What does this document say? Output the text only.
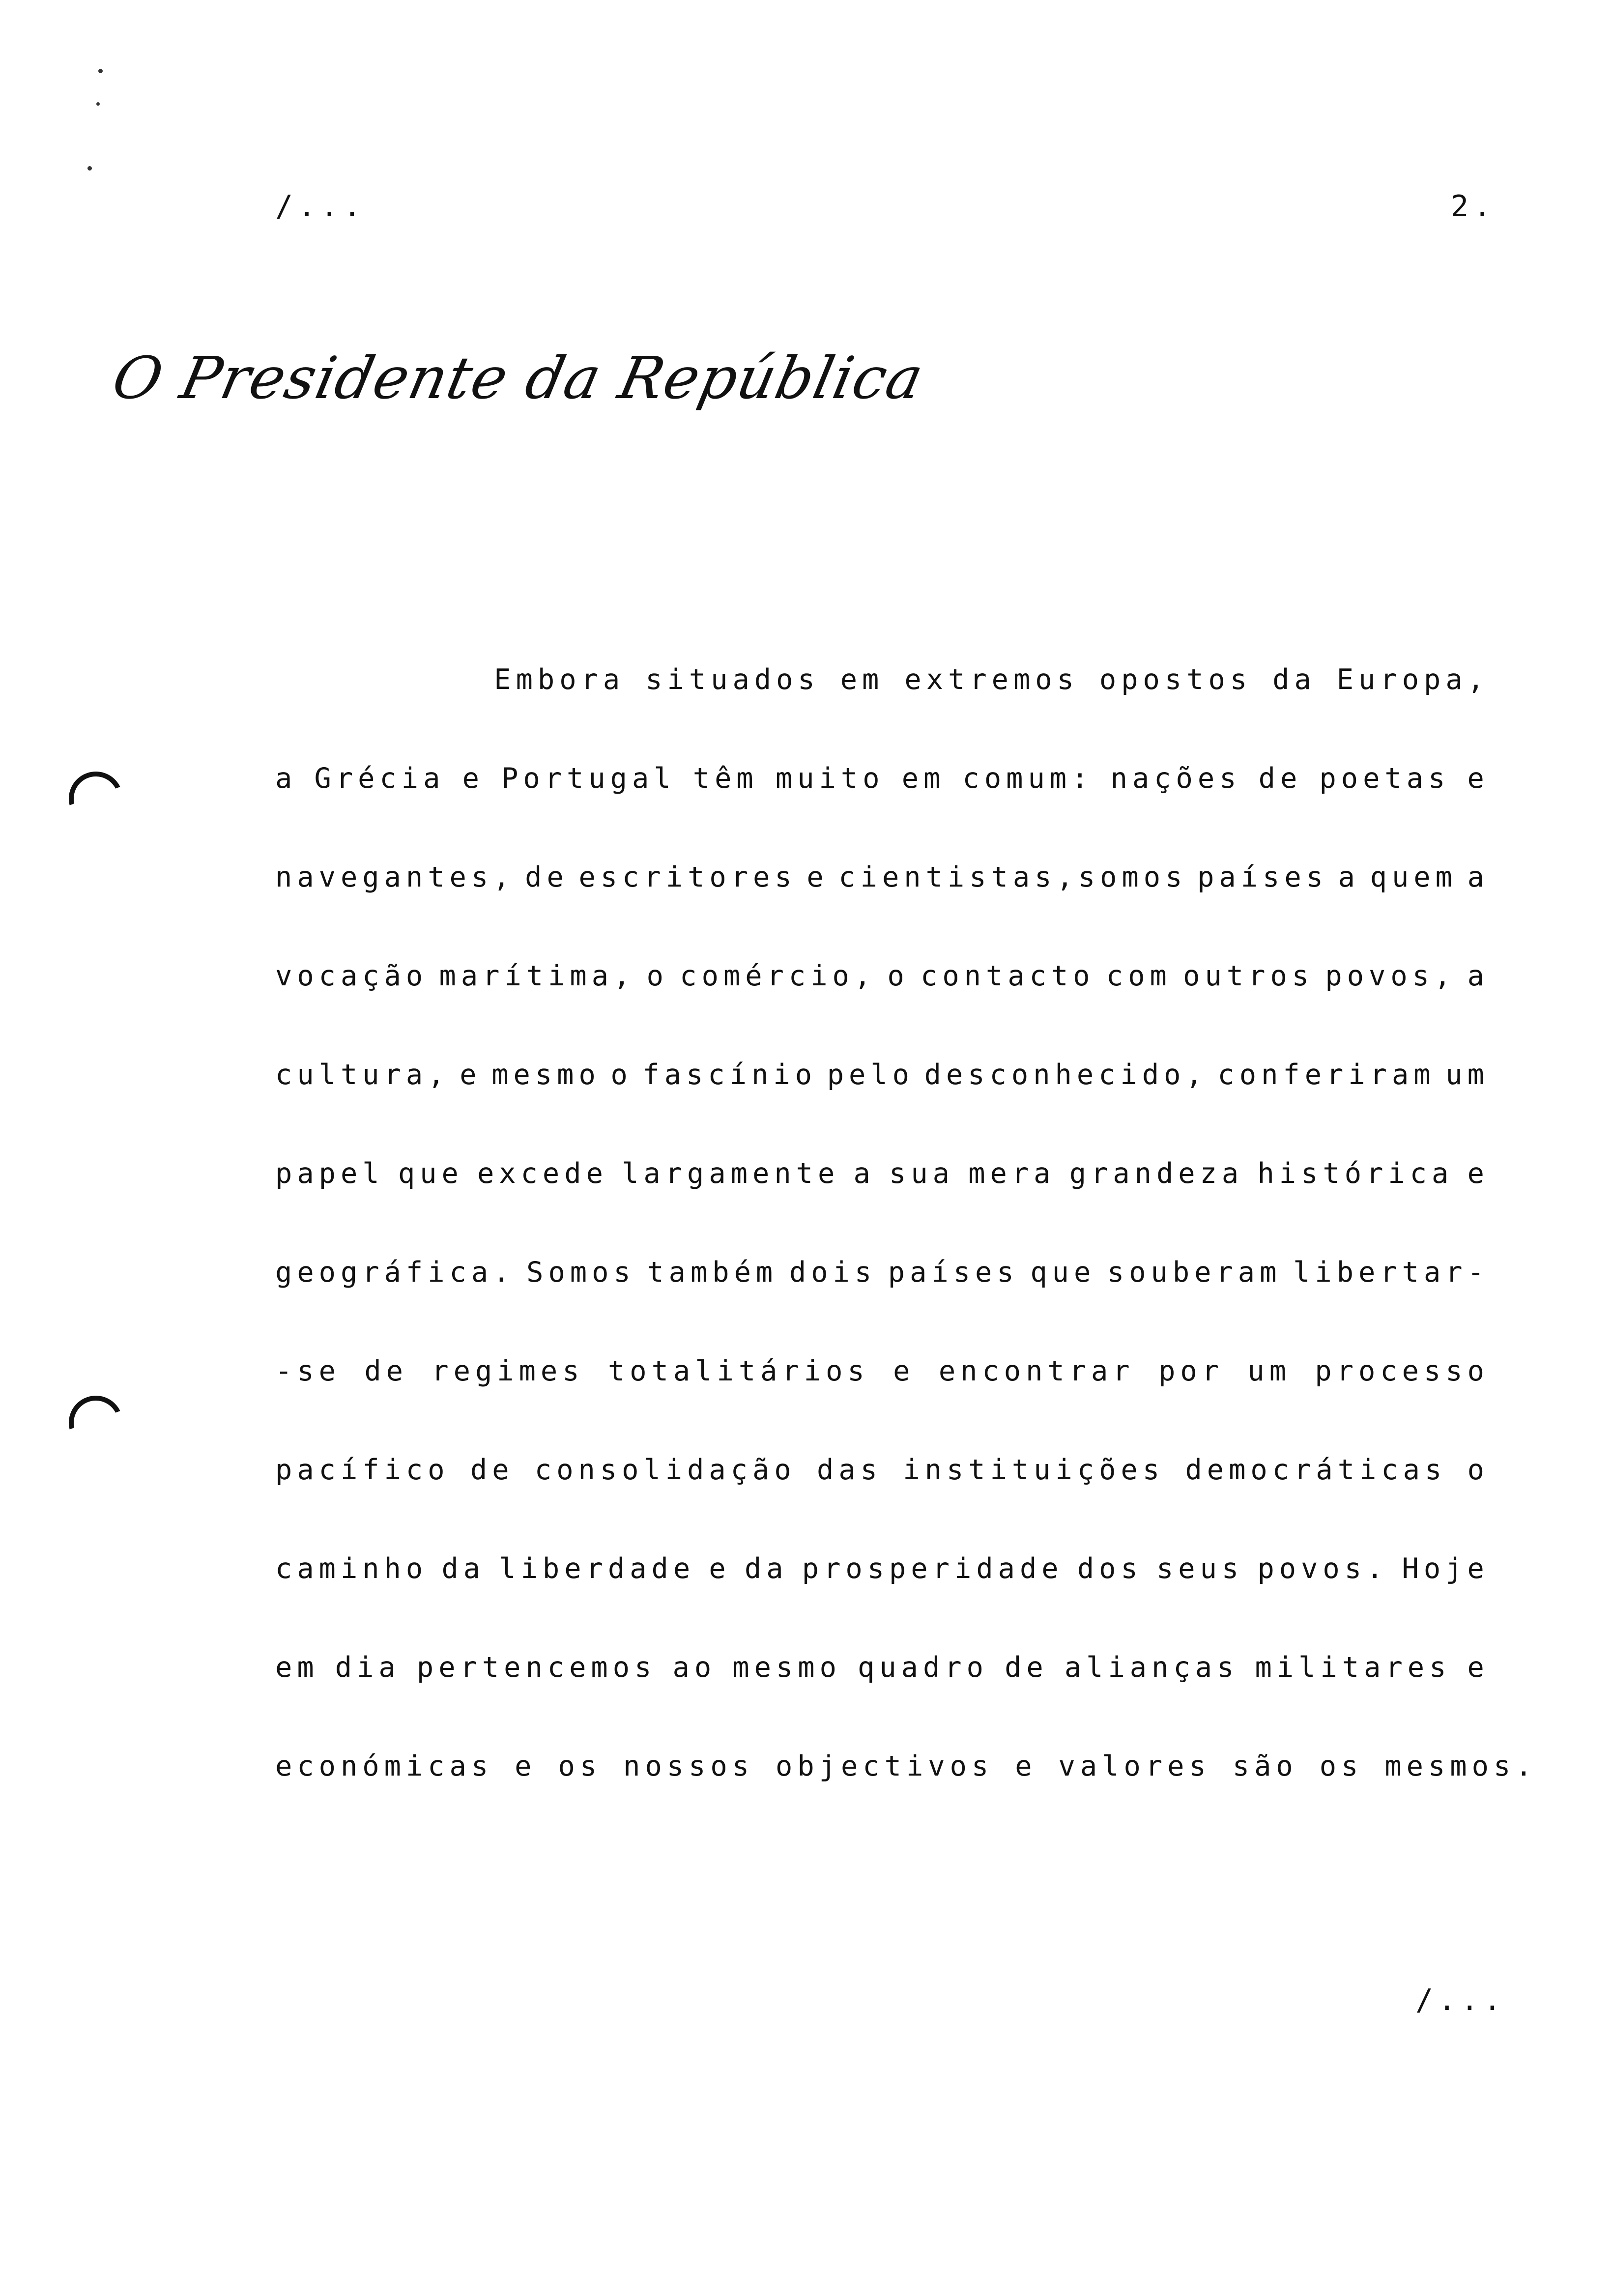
/...	2.
O Presidente da República
Embora situados em extremos opostos da Europa,
a Grécia e Portugal têm muito em comum: nações de poetas e
navegantes, de escritores e cientistas,somos países a quem a
vocação marítima, o comércio, o contacto com outros povos, a
cultura, e mesmo o fascínio pelo desconhecido, conferiram um
papel que excede largamente a sua mera grandeza histórica e
geográfica. Somos também dois países que souberam libertar-
-se de regimes totalitários e encontrar por um processo
pacífico de consolidação das instituições democráticas o
caminho da liberdade e da prosperidade dos seus povos. Hoje
em dia pertencemos ao mesmo quadro de alianças militares e
económicas e os nossos objectivos e valores são os mesmos.
/...
